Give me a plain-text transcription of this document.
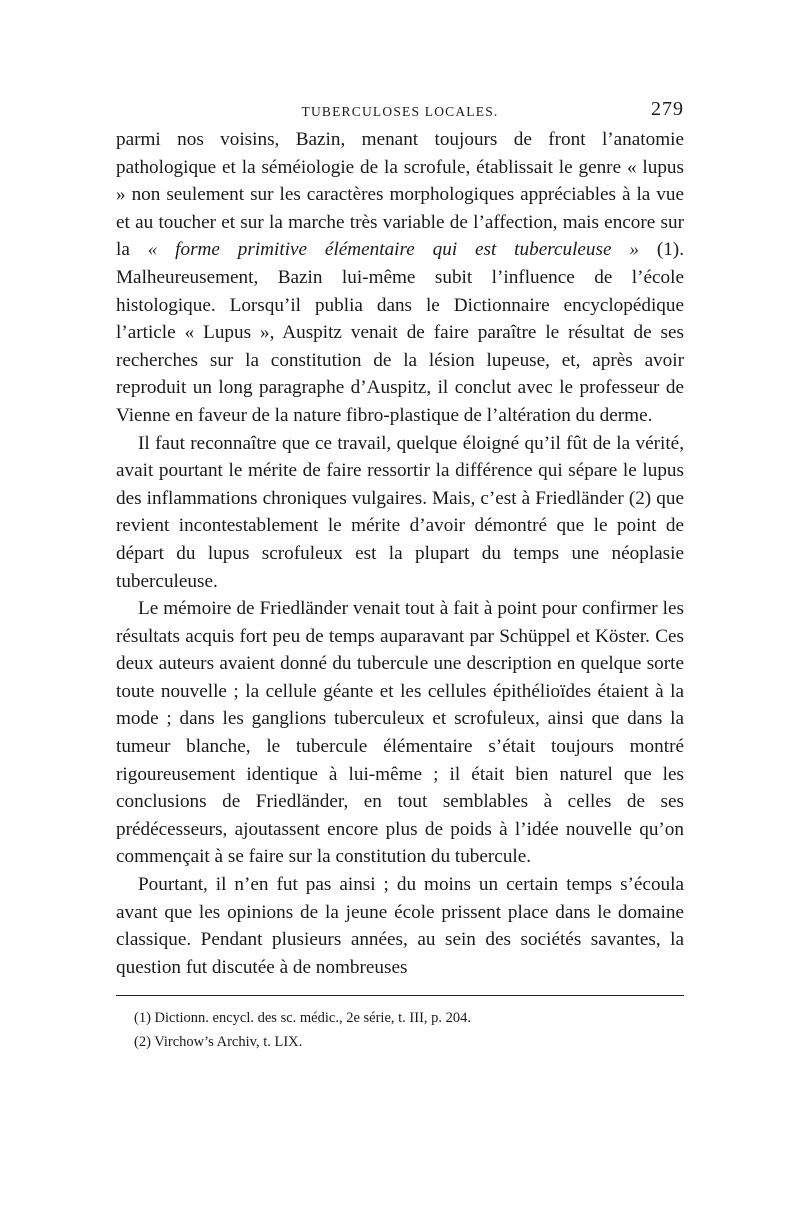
TUBERCULOSES LOCALES.	279

parmi nos voisins, Bazin, menant toujours de front l’anatomie pathologique et la séméiologie de la scrofule, établissait le genre « lupus » non seulement sur les caractères morphologiques appréciables à la vue et au toucher et sur la marche très variable de l’affection, mais encore sur la « forme primitive élémentaire qui est tuberculeuse » (1). Malheureusement, Bazin lui-même subit l’influence de l’école histologique. Lorsqu’il publia dans le Dictionnaire encyclopédique l’article « Lupus », Auspitz venait de faire paraître le résultat de ses recherches sur la constitution de la lésion lupeuse, et, après avoir reproduit un long paragraphe d’Auspitz, il conclut avec le professeur de Vienne en faveur de la nature fibro-plastique de l’altération du derme.

Il faut reconnaître que ce travail, quelque éloigné qu’il fût de la vérité, avait pourtant le mérite de faire ressortir la différence qui sépare le lupus des inflammations chroniques vulgaires. Mais, c’est à Friedländer (2) que revient incontestablement le mérite d’avoir démontré que le point de départ du lupus scrofuleux est la plupart du temps une néoplasie tuberculeuse.

Le mémoire de Friedländer venait tout à fait à point pour confirmer les résultats acquis fort peu de temps auparavant par Schüppel et Köster. Ces deux auteurs avaient donné du tubercule une description en quelque sorte toute nouvelle ; la cellule géante et les cellules épithélioïdes étaient à la mode ; dans les ganglions tuberculeux et scrofuleux, ainsi que dans la tumeur blanche, le tubercule élémentaire s’était toujours montré rigoureusement identique à lui-même ; il était bien naturel que les conclusions de Friedländer, en tout semblables à celles de ses prédécesseurs, ajoutassent encore plus de poids à l’idée nouvelle qu’on commençait à se faire sur la constitution du tubercule.

Pourtant, il n’en fut pas ainsi ; du moins un certain temps s’écoula avant que les opinions de la jeune école prissent place dans le domaine classique. Pendant plusieurs années, au sein des sociétés savantes, la question fut discutée à de nombreuses

(1) Dictionn. encycl. des sc. médic., 2e série, t. III, p. 204.
(2) Virchow’s Archiv, t. LIX.
